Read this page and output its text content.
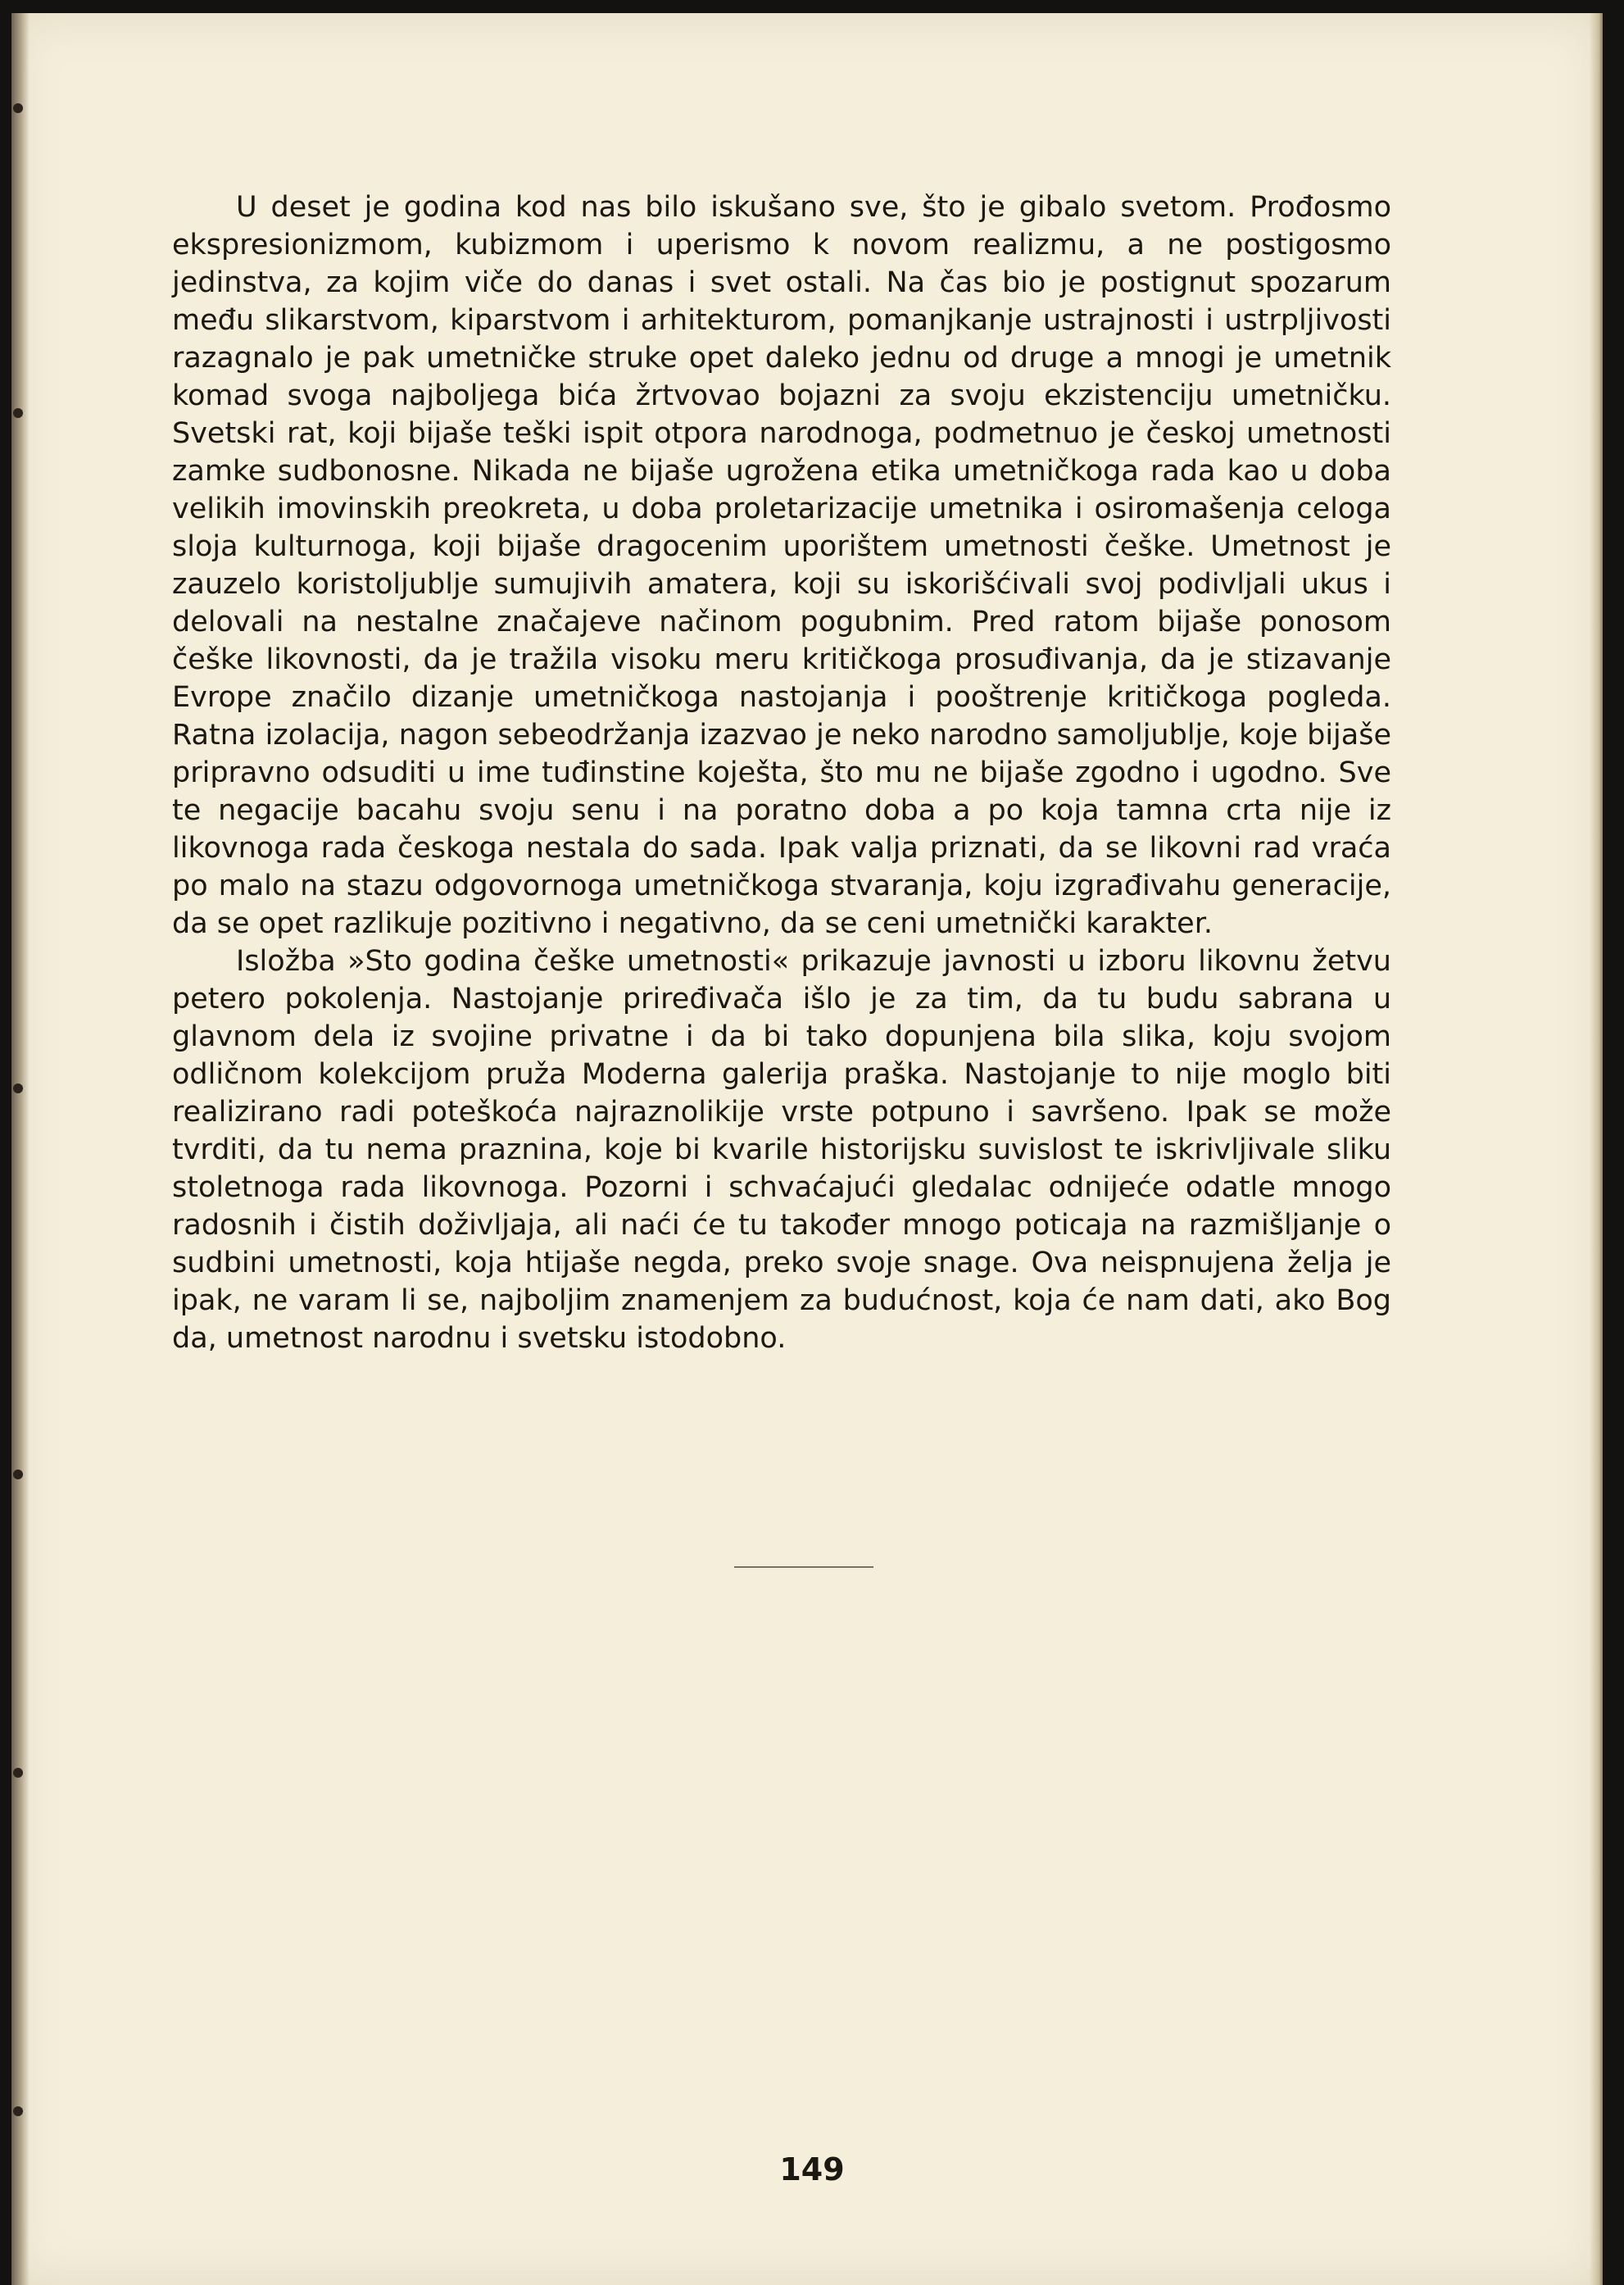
U deset je godina kod nas bilo iskušano sve, što je gibalo svetom. Prođosmo ekspresionizmom, kubizmom i uperismo k novom realizmu, a ne postigosmo jedinstva, za kojim viče do danas i svet ostali. Na čas bio je postignut spozarum među slikarstvom, kiparstvom i arhitekturom, pomanjkanje ustrajnosti i ustrpljivosti razagnalo je pak umetničke struke opet daleko jednu od druge a mnogi je umetnik komad svoga najboljega bića žrtvovao bojazni za svoju ekzistenciju umetničku. Svetski rat, koji bijaše teški ispit otpora narodnoga, podmetnuo je českoj umetnosti zamke sudbonosne. Nikada ne bijaše ugrožena etika umetničkoga rada kao u doba velikih imovinskih preokreta, u doba proletarizacije umetnika i osiromašenja celoga sloja kulturnoga, koji bijaše dragocenim uporištem umetnosti češke. Umetnost je zauzelo koristoljublje sumujivih amatera, koji su iskorišćivali svoj podivljali ukus i delovali na nestalne značajeve načinom pogubnim. Pred ratom bijaše ponosom češke likovnosti, da je tražila visoku meru kritičkoga prosuđivanja, da je stizavanje Evrope značilo dizanje umetničkoga nastojanja i pooštrenje kritičkoga pogleda. Ratna izolacija, nagon sebeodržanja izazvao je neko narodno samoljublje, koje bijaše pripravno odsuditi u ime tuđinstine koješta, što mu ne bijaše zgodno i ugodno. Sve te negacije bacahu svoju senu i na poratno doba a po koja tamna crta nije iz likovnoga rada českoga nestala do sada. Ipak valja priznati, da se likovni rad vraća po malo na stazu odgovornoga umetničkoga stvaranja, koju izgrađivahu generacije, da se opet razlikuje pozitivno i negativno, da se ceni umetnički karakter.

Isložba »Sto godina češke umetnosti« prikazuje javnosti u izboru likovnu žetvu petero pokolenja. Nastojanje priređivača išlo je za tim, da tu budu sabrana u glavnom dela iz svojine privatne i da bi tako dopunjena bila slika, koju svojom odličnom kolekcijom pruža Moderna galerija praška. Nastojanje to nije moglo biti realizirano radi poteškoća najraznolikije vrste potpuno i savršeno. Ipak se može tvrditi, da tu nema praznina, koje bi kvarile historijsku suvislost te iskrivljivale sliku stoletnoga rada likovnoga. Pozorni i schvaćajući gledalac odnijeće odatle mnogo radosnih i čistih doživljaja, ali naći će tu također mnogo poticaja na razmišljanje o sudbini umetnosti, koja htijaše negda, preko svoje snage. Ova neispnujena želja je ipak, ne varam li se, najboljim znamenjem za budućnost, koja će nam dati, ako Bog da, umetnost narodnu i svetsku istodobno.

149
